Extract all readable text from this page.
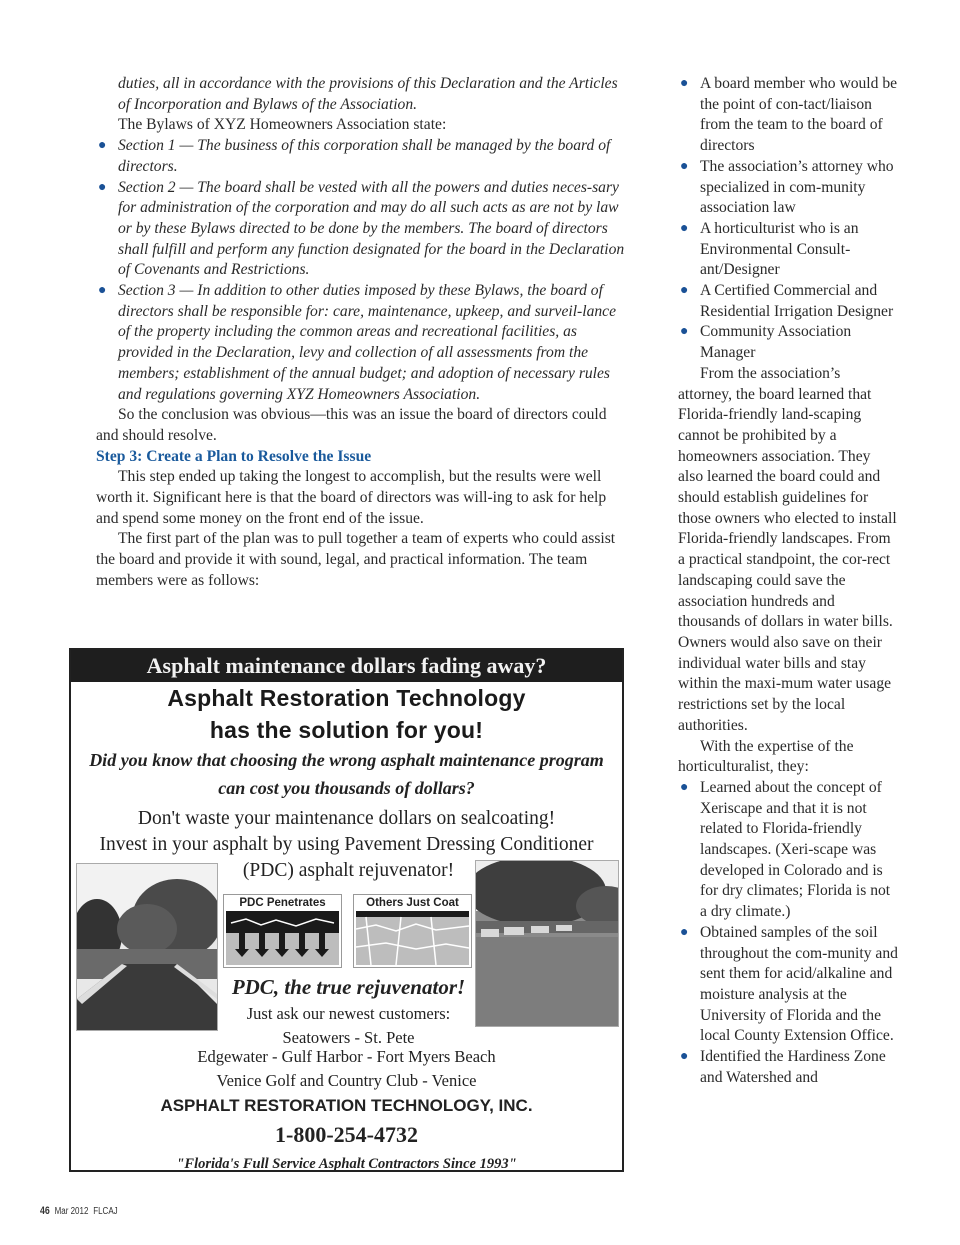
duties, all in accordance with the provisions of this Declaration and the Articles of Incorporation and Bylaws of the Association.

The Bylaws of XYZ Homeowners Association state:

● Section 1 — The business of this corporation shall be managed by the board of directors.
● Section 2 — The board shall be vested with all the powers and duties neces-sary for administration of the corporation and may do all such acts as are not by law or by these Bylaws directed to be done by the members. The board of directors shall fulfill and perform any function designated for the board in the Declaration of Covenants and Restrictions.
● Section 3 — In addition to other duties imposed by these Bylaws, the board of directors shall be responsible for: care, maintenance, upkeep, and surveil-lance of the property including the common areas and recreational facilities, as provided in the Declaration, levy and collection of all assessments from the members; establishment of the annual budget; and adoption of necessary rules and regulations governing XYZ Homeowners Association.

So the conclusion was obvious—this was an issue the board of directors could and should resolve.

Step 3: Create a Plan to Resolve the Issue

This step ended up taking the longest to accomplish, but the results were well worth it. Significant here is that the board of directors was will-ing to ask for help and spend some money on the front end of the issue.

The first part of the plan was to pull together a team of experts who could assist the board and provide it with sound, legal, and practical information. The team members were as follows:

● A board member who would be the point of con-tact/liaison from the team to the board of directors
● The association’s attorney who specialized in com-munity association law
● A horticulturist who is an Environmental Consult-ant/Designer
● A Certified Commercial and Residential Irrigation Designer
● Community Association Manager

From the association’s attorney, the board learned that Florida-friendly land-scaping cannot be prohibited by a homeowners association. They also learned the board could and should establish guidelines for those owners who elected to install Florida-friendly landscapes. From a practical standpoint, the cor-rect landscaping could save the association hundreds and thousands of dollars in water bills. Owners would also save on their individual water bills and stay within the maxi-mum water usage restrictions set by the local authorities.

With the expertise of the horticulturalist, they:

● Learned about the concept of Xeriscape and that it is not related to Florida-friendly landscapes. (Xeri-scape was developed in Colorado and is for dry climates; Florida is not a dry climate.)
● Obtained samples of the soil throughout the com-munity and sent them for acid/alkaline and moisture analysis at the University of Florida and the local County Extension Office.
● Identified the Hardiness Zone and Watershed and
Asphalt maintenance dollars fading away?
Asphalt Restoration Technology
has the solution for you!
Did you know that choosing the wrong asphalt maintenance program
can cost you thousands of dollars?
Don't waste your maintenance dollars on sealcoating!
Invest in your asphalt by using Pavement Dressing Conditioner
(PDC) asphalt rejuvenator!
PDC Penetrates	Others Just Coat
PDC, the true rejuvenator!
Just ask our newest customers:
Seatowers - St. Pete
Edgewater - Gulf Harbor - Fort Myers Beach
Venice Golf and Country Club - Venice
ASPHALT RESTORATION TECHNOLOGY, INC.
1-800-254-4732
"Florida's Full Service Asphalt Contractors Since 1993"
46 Mar 2012 FLCAJ
